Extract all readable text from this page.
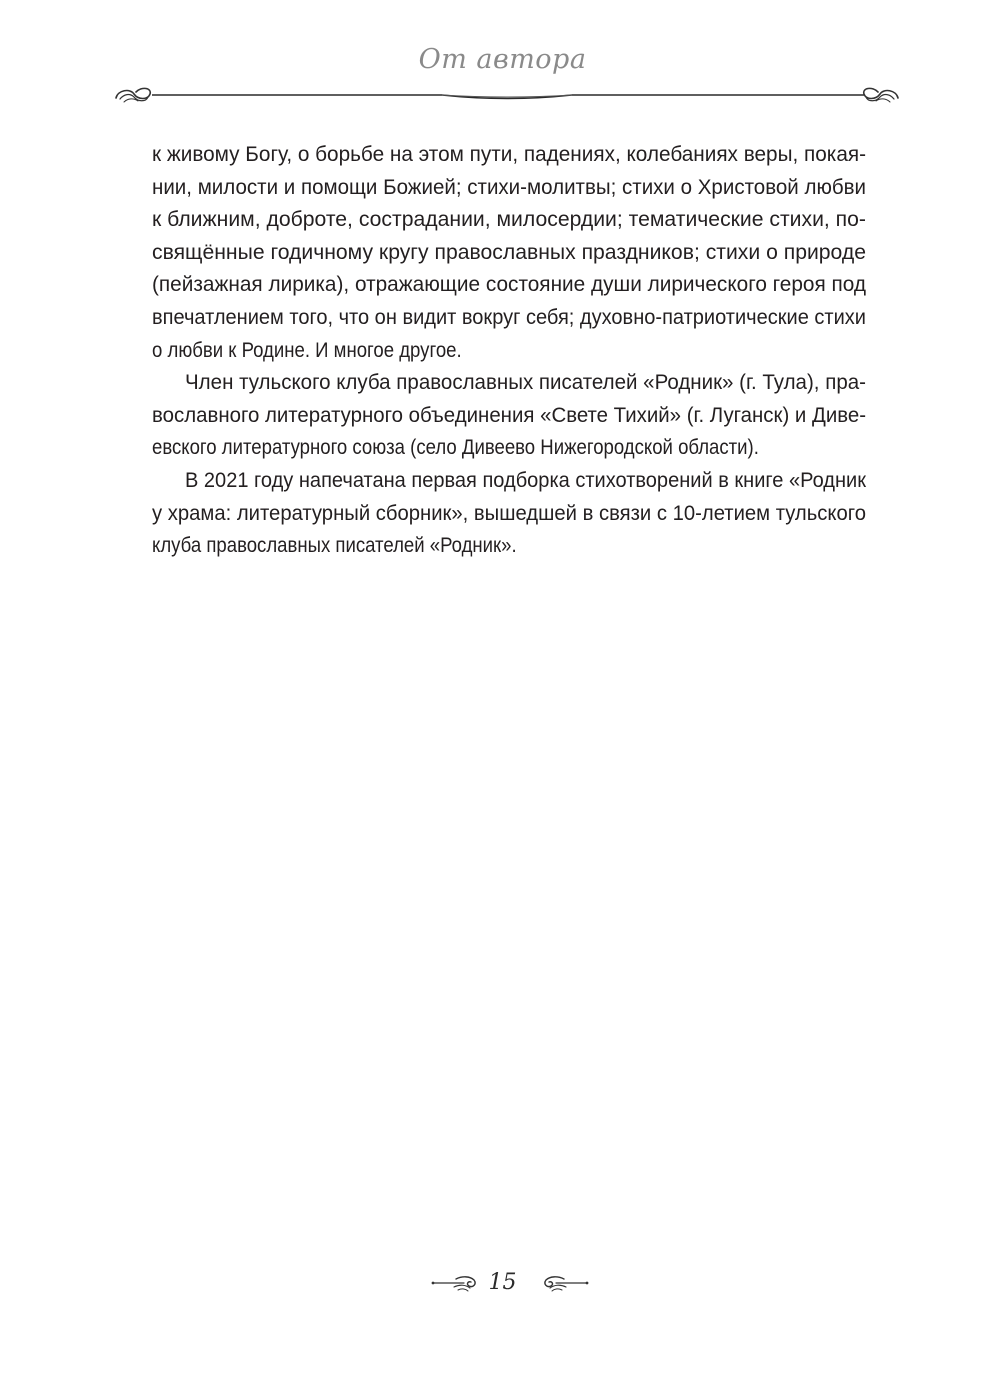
От автора

к живому Богу, о борьбе на этом пути, падениях, колебаниях веры, покая-
нии, милости и помощи Божией; стихи-молитвы; стихи о Христовой любви
к ближним, доброте, сострадании, милосердии; тематические стихи, по-
свящённые годичному кругу православных праздников; стихи о природе
(пейзажная лирика), отражающие состояние души лирического героя под
впечатлением того, что он видит вокруг себя; духовно-патриотические стихи
о любви к Родине. И многое другое.

Член тульского клуба православных писателей «Родник» (г. Тула), пра-
вославного литературного объединения «Свете Тихий» (г. Луганск) и Диве-
евского литературного союза (село Дивеево Нижегородской области).

В 2021 году напечатана первая подборка стихотворений в книге «Родник
у храма: литературный сборник», вышедшей в связи с 10-летием тульского
клуба православных писателей «Родник».

15
